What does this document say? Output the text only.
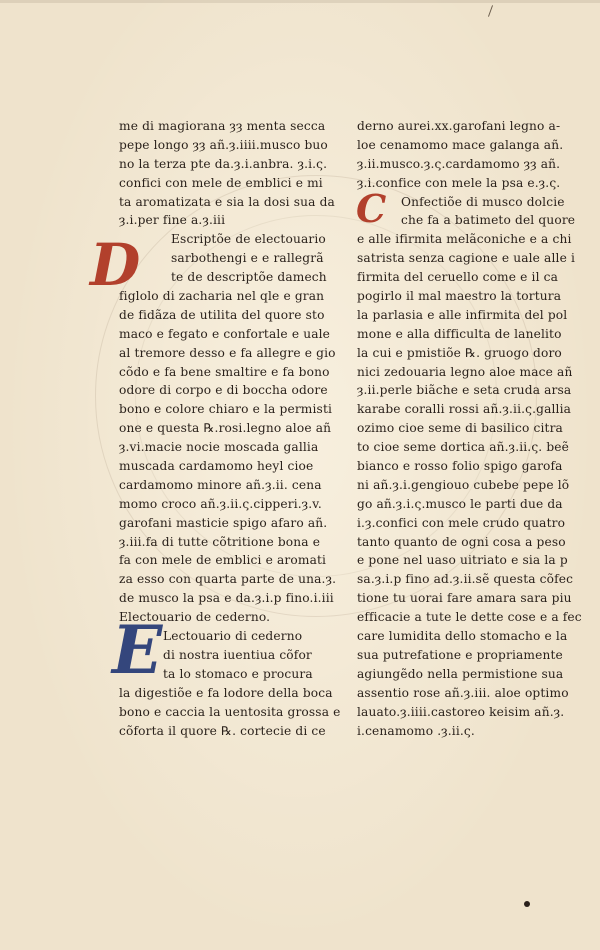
D
C
E
me di magiorana ȝȝ menta secca
pepe longo ȝȝ añ.ȝ.iiii.musco buo
no la terza pte da.ȝ.i.anbra. ȝ.i.ς.
confici con mele de emblici e mi
ta aromatizata e sia la dosi sua da
ȝ.i.per fine a.ȝ.iii
Escriptõe de electouario
sarbothengi e e rallegrã
te de descriptõe damech
figlolo di zacharia nel qle e gran
de fidãza de utilita del quore sto
maco e fegato e confortale e uale
al tremore desso e fa allegre e gio
cõdo e fa bene smaltire e fa bono
odore di corpo e di boccha odore
bono e colore chiaro e la permisti
one e questa ℞.rosi.legno aloe añ
ȝ.vi.macie nocie moscada gallia
muscada cardamomo heyl cioe
cardamomo minore añ.ȝ.ii. cena
momo croco añ.ȝ.ii.ς.cipperi.ȝ.v.
garofani masticie spigo afaro añ.
ȝ.iii.fa di tutte cõtritione bona e
fa con mele de emblici e aromati
za esso con quarta parte de una.ȝ.
de musco la psa e da.ȝ.i.p fino.i.iii
Electouario de cederno.
Lectouario di cederno
di nostra iuentiua cõfor
ta lo stomaco e procura
la digestiõe e fa lodore della boca
bono e caccia la uentosita grossa e
cõforta il quore ℞. cortecie di ce
derno aurei.xx.garofani legno a-
loe cenamomo mace galanga añ.
ȝ.ii.musco.ȝ.ς.cardamomo ȝȝ añ.
ȝ.i.confice con mele la psa e.ȝ.ς.
Onfectiõe di musco dolcie
che fa a batimeto del quore
e alle ifirmita melãconiche e a chi
satrista senza cagione e uale alle i
firmita del ceruello come e il ca
pogirlo il mal maestro la tortura
la parlasia e alle infirmita del pol
mone e alla difficulta de lanelito
la cui e pmistiõe ℞. gruogo doro
nici zedouaria legno aloe mace añ
ȝ.ii.perle biãche e seta cruda arsa
karabe coralli rossi añ.ȝ.ii.ς.gallia
ozimo cioe seme di basilico citra
to cioe seme dortica añ.ȝ.ii.ς. beẽ
bianco e rosso folio spigo garofa
ni añ.ȝ.i.gengiouo cubebe pepe lõ
go añ.ȝ.i.ς.musco le parti due da
i.ȝ.confici con mele crudo quatro
tanto quanto de ogni cosa a peso
e pone nel uaso uitriato e sia la p
sa.ȝ.i.p fino ad.ȝ.ii.sẽ questa cõfec
tione tu uorai fare amara sara piu
efficacie a tute le dette cose e a fec
care lumidita dello stomacho e la
sua putrefatione e propriamente
agiungẽdo nella permistione sua
assentio rose añ.ȝ.iii. aloe optimo
lauato.ȝ.iiii.castoreo keisim añ.ȝ.
i.cenamomo .ȝ.ii.ς.
